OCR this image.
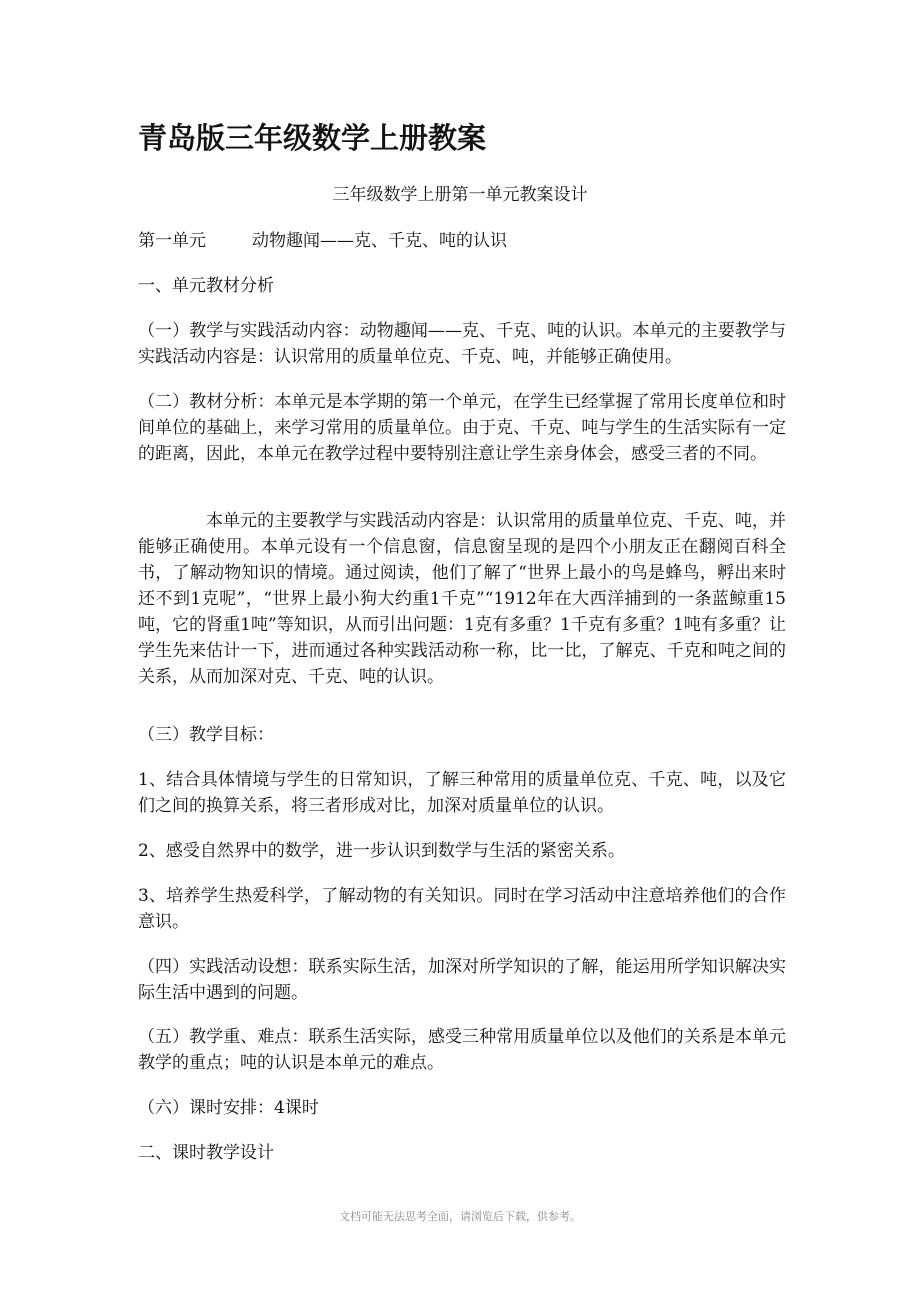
青岛版三年级数学上册教案

三年级数学上册第一单元教案设计

第一单元	动物趣闻——克、千克、吨的认识

一、单元教材分析

（一）教学与实践活动内容：动物趣闻——克、千克、吨的认识。本单元的主要教学与实践活动内容是：认识常用的质量单位克、千克、吨，并能够正确使用。

（二）教材分析：本单元是本学期的第一个单元，在学生已经掌握了常用长度单位和时间单位的基础上，来学习常用的质量单位。由于克、千克、吨与学生的生活实际有一定的距离，因此，本单元在教学过程中要特别注意让学生亲身体会，感受三者的不同。

本单元的主要教学与实践活动内容是：认识常用的质量单位克、千克、吨，并能够正确使用。本单元设有一个信息窗，信息窗呈现的是四个小朋友正在翻阅百科全书，了解动物知识的情境。通过阅读，他们了解了“世界上最小的鸟是蜂鸟，孵出来时还不到1克呢”，“世界上最小狗大约重1千克”“1912年在大西洋捕到的一条蓝鲸重15吨，它的肾重1吨”等知识，从而引出问题：1克有多重？1千克有多重？1吨有多重？让学生先来估计一下，进而通过各种实践活动称一称，比一比，了解克、千克和吨之间的关系，从而加深对克、千克、吨的认识。

（三）教学目标：

1、结合具体情境与学生的日常知识，了解三种常用的质量单位克、千克、吨，以及它们之间的换算关系，将三者形成对比，加深对质量单位的认识。

2、感受自然界中的数学，进一步认识到数学与生活的紧密关系。

3、培养学生热爱科学，了解动物的有关知识。同时在学习活动中注意培养他们的合作意识。

（四）实践活动设想：联系实际生活，加深对所学知识的了解，能运用所学知识解决实际生活中遇到的问题。

（五）教学重、难点：联系生活实际，感受三种常用质量单位以及他们的关系是本单元教学的重点；吨的认识是本单元的难点。

（六）课时安排：4课时

二、课时教学设计

文档可能无法思考全面，请浏览后下载，供参考。
